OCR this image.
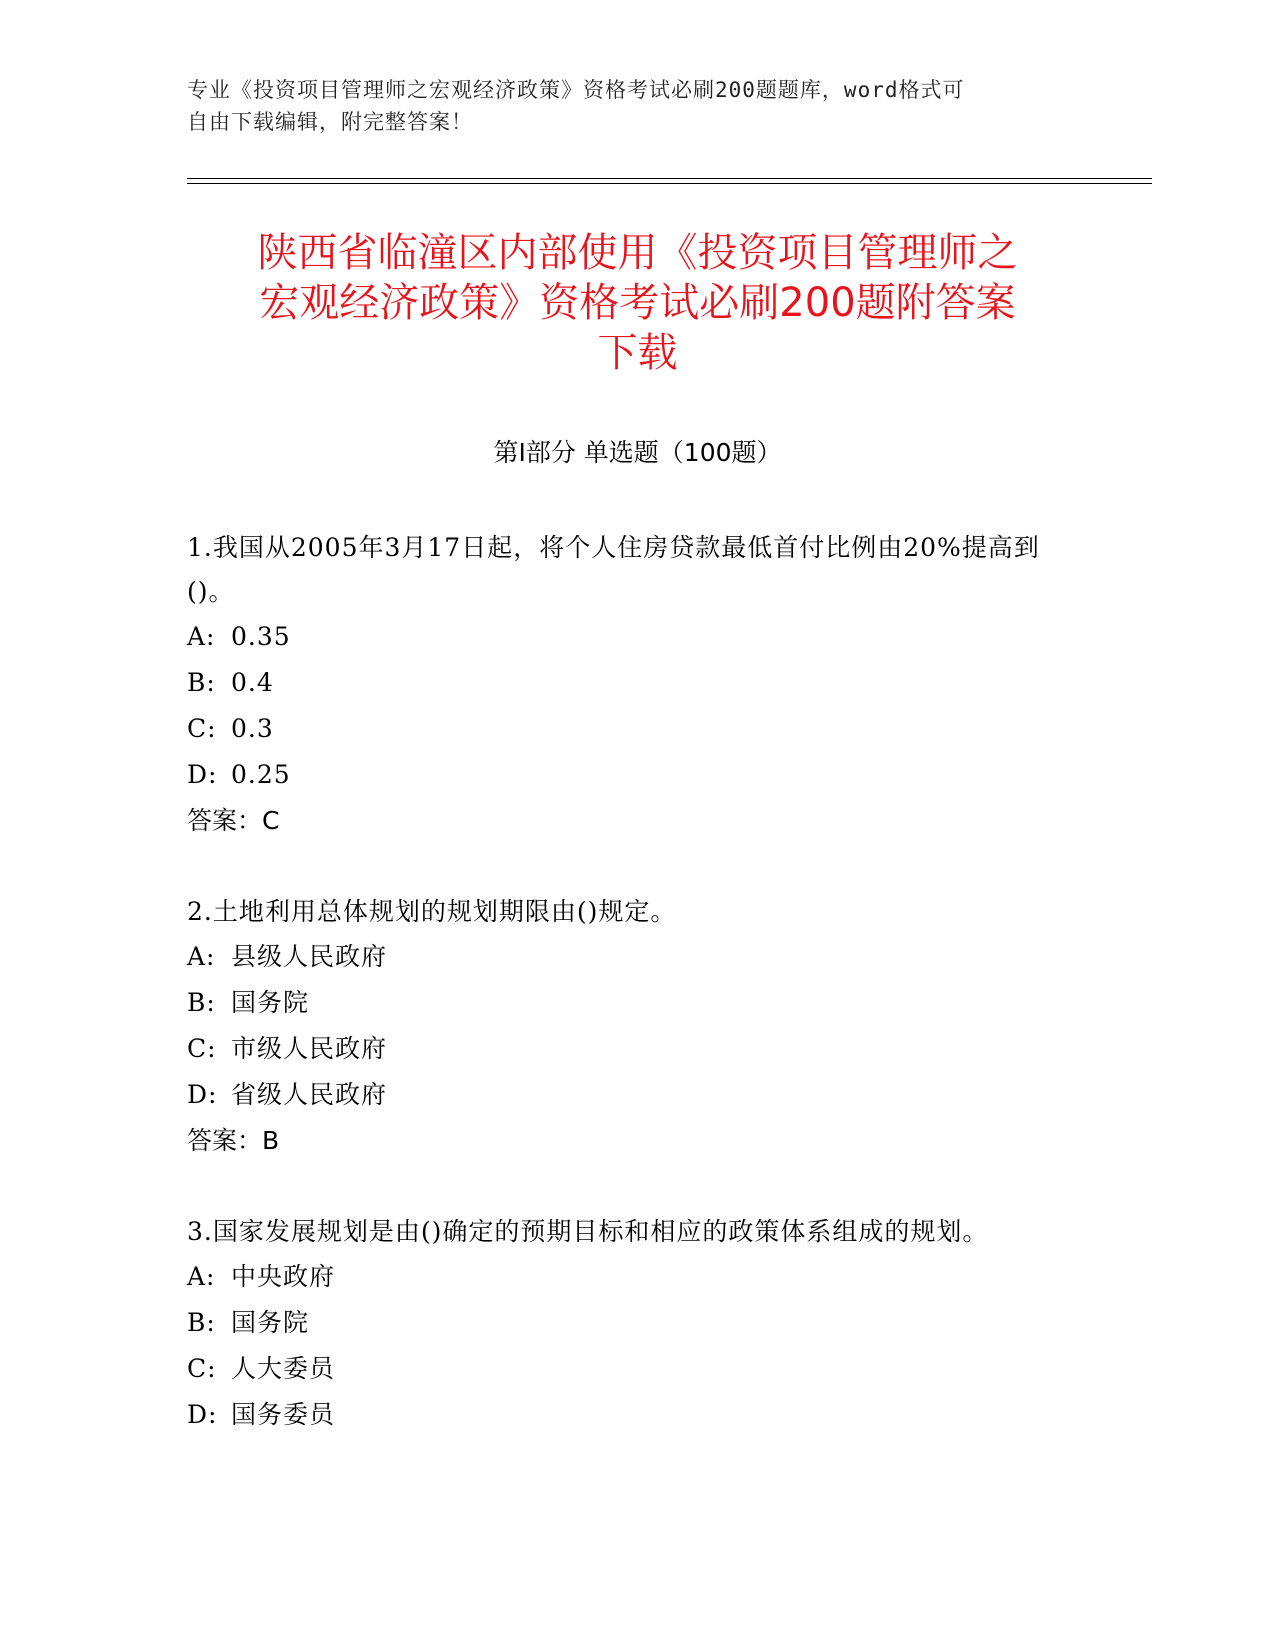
专业《投资项目管理师之宏观经济政策》资格考试必刷200题题库，word格式可
自由下载编辑，附完整答案！
陕西省临潼区内部使用《投资项目管理师之
宏观经济政策》资格考试必刷200题附答案
下载
第Ⅰ部分 单选题（100题）

1.我国从2005年3月17日起，将个人住房贷款最低首付比例由20%提高到()。

A: 0.35

B: 0.4

C: 0.3

D: 0.25

答案：C

2.土地利用总体规划的规划期限由()规定。

A: 县级人民政府

B: 国务院

C: 市级人民政府

D: 省级人民政府

答案：B

3.国家发展规划是由()确定的预期目标和相应的政策体系组成的规划。

A: 中央政府

B: 国务院

C: 人大委员

D: 国务委员
